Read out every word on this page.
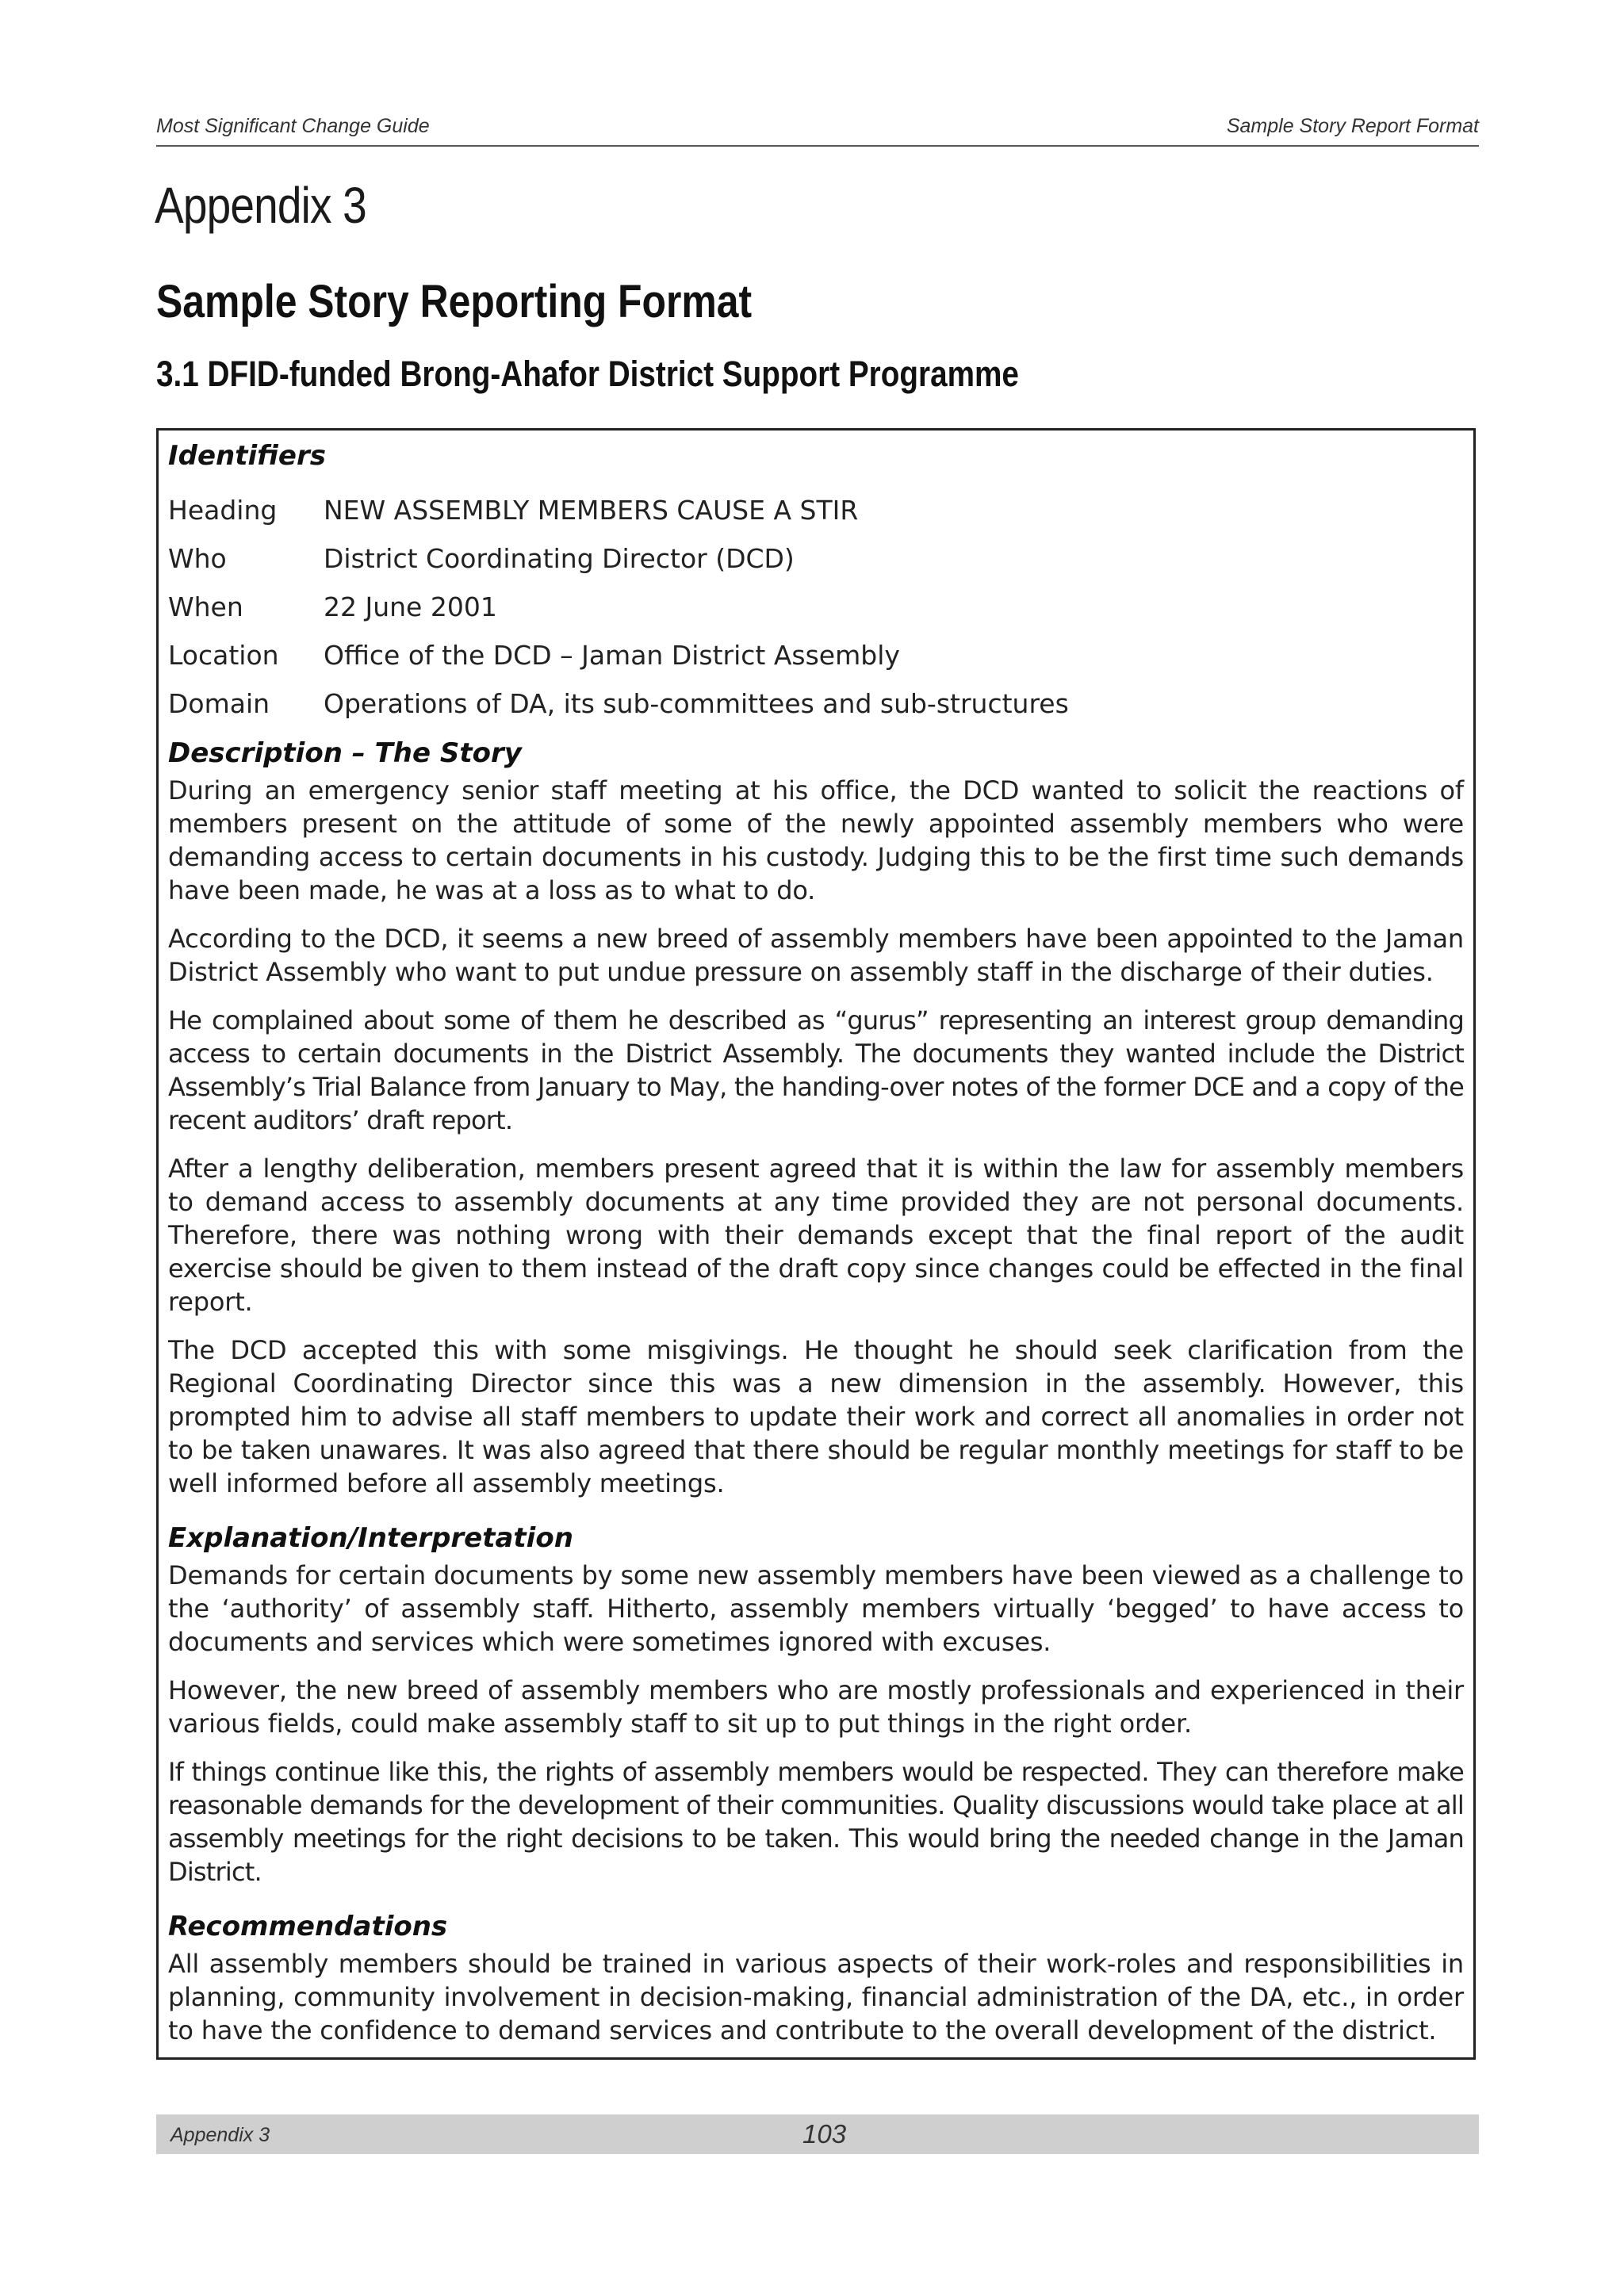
Most Significant Change Guide	Sample Story Report Format
Appendix 3
Sample Story Reporting Format
3.1 DFID-funded Brong-Ahafor District Support Programme

Identifiers

Heading	NEW ASSEMBLY MEMBERS CAUSE A STIR
Who	District Coordinating Director (DCD)
When	22 June 2001
Location	Office of the DCD – Jaman District Assembly
Domain	Operations of DA, its sub-committees and sub-structures

Description – The Story

During an emergency senior staff meeting at his office, the DCD wanted to solicit the reactions of members present on the attitude of some of the newly appointed assembly members who were demanding access to certain documents in his custody. Judging this to be the first time such demands have been made, he was at a loss as to what to do.

According to the DCD, it seems a new breed of assembly members have been appointed to the Jaman District Assembly who want to put undue pressure on assembly staff in the discharge of their duties.

He complained about some of them he described as “gurus” representing an interest group demanding access to certain documents in the District Assembly. The documents they wanted include the District Assembly’s Trial Balance from January to May, the handing-over notes of the former DCE and a copy of the recent auditors’ draft report.

After a lengthy deliberation, members present agreed that it is within the law for assembly members to demand access to assembly documents at any time provided they are not personal documents. Therefore, there was nothing wrong with their demands except that the final report of the audit exercise should be given to them instead of the draft copy since changes could be effected in the final report.

The DCD accepted this with some misgivings. He thought he should seek clarification from the Regional Coordinating Director since this was a new dimension in the assembly. However, this prompted him to advise all staff members to update their work and correct all anomalies in order not to be taken unawares. It was also agreed that there should be regular monthly meetings for staff to be well informed before all assembly meetings.

Explanation/Interpretation

Demands for certain documents by some new assembly members have been viewed as a challenge to the ‘authority’ of assembly staff. Hitherto, assembly members virtually ‘begged’ to have access to documents and services which were sometimes ignored with excuses.

However, the new breed of assembly members who are mostly professionals and experienced in their various fields, could make assembly staff to sit up to put things in the right order.

If things continue like this, the rights of assembly members would be respected. They can therefore make reasonable demands for the development of their communities. Quality discussions would take place at all assembly meetings for the right decisions to be taken. This would bring the needed change in the Jaman District.

Recommendations

All assembly members should be trained in various aspects of their work-roles and responsibilities in planning, community involvement in decision-making, financial administration of the DA, etc., in order to have the confidence to demand services and contribute to the overall development of the district.

Appendix 3	103
